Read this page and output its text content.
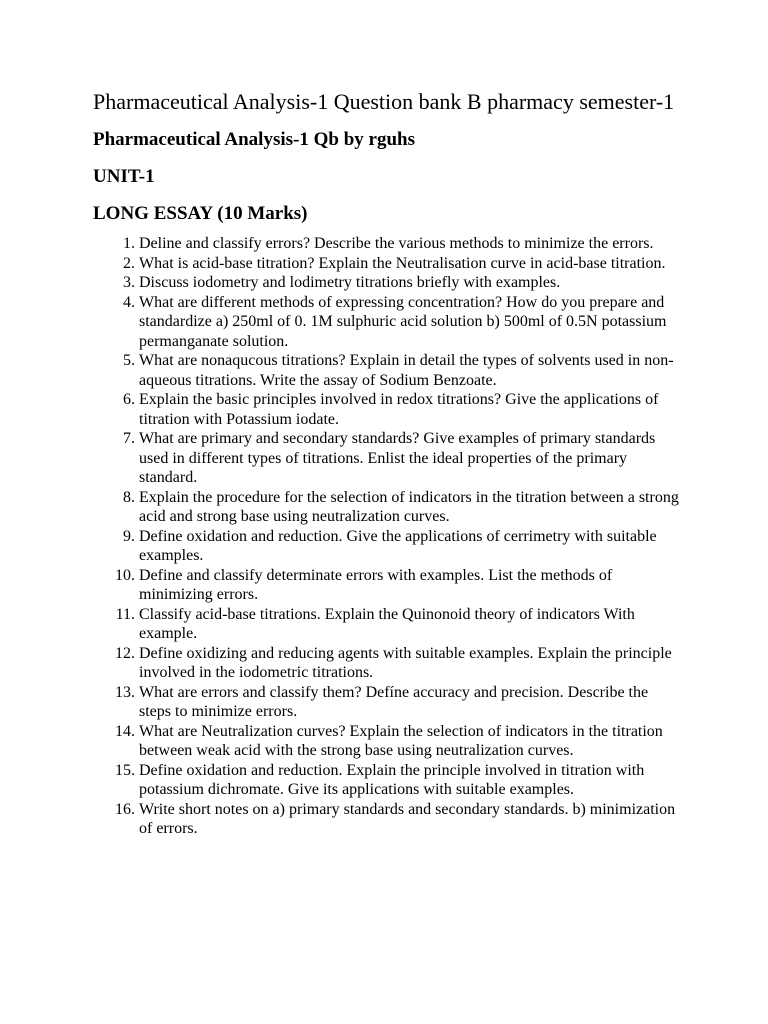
Pharmaceutical Analysis-1 Question bank B pharmacy semester-1
Pharmaceutical Analysis-1 Qb by rguhs
UNIT-1
LONG ESSAY (10 Marks)
1. Deline and classify errors? Describe the various methods to minimize the errors.
2. What is acid-base titration? Explain the Neutralisation curve in acid-base titration.
3. Discuss iodometry and lodimetry titrations briefly with examples.
4. What are different methods of expressing concentration? How do you prepare and standardize a) 250ml of 0. 1M sulphuric acid solution b) 500ml of 0.5N potassium permanganate solution.
5. What are nonaqucous titrations? Explain in detail the types of solvents used in non-aqueous titrations. Write the assay of Sodium Benzoate.
6. Explain the basic principles involved in redox titrations? Give the applications of titration with Potassium iodate.
7. What are primary and secondary standards? Give examples of primary standards used in different types of titrations. Enlist the ideal properties of the primary standard.
8. Explain the procedure for the selection of indicators in the titration between a strong acid and strong base using neutralization curves.
9. Define oxidation and reduction. Give the applications of cerrimetry with suitable examples.
10. Define and classify determinate errors with examples. List the methods of minimizing errors.
11. Classify acid-base titrations. Explain the Quinonoid theory of indicators With example.
12. Define oxidizing and reducing agents with suitable examples. Explain the principle involved in the iodometric titrations.
13. What are errors and classify them? Defíne accuracy and precision. Describe the steps to minimize errors.
14. What are Neutralization curves? Explain the selection of indicators in the titration between weak acid with the strong base using neutralization curves.
15. Define oxidation and reduction. Explain the principle involved in titration with potassium dichromate. Give its applications with suitable examples.
16. Write short notes on a) primary standards and secondary standards. b) minimization of errors.
